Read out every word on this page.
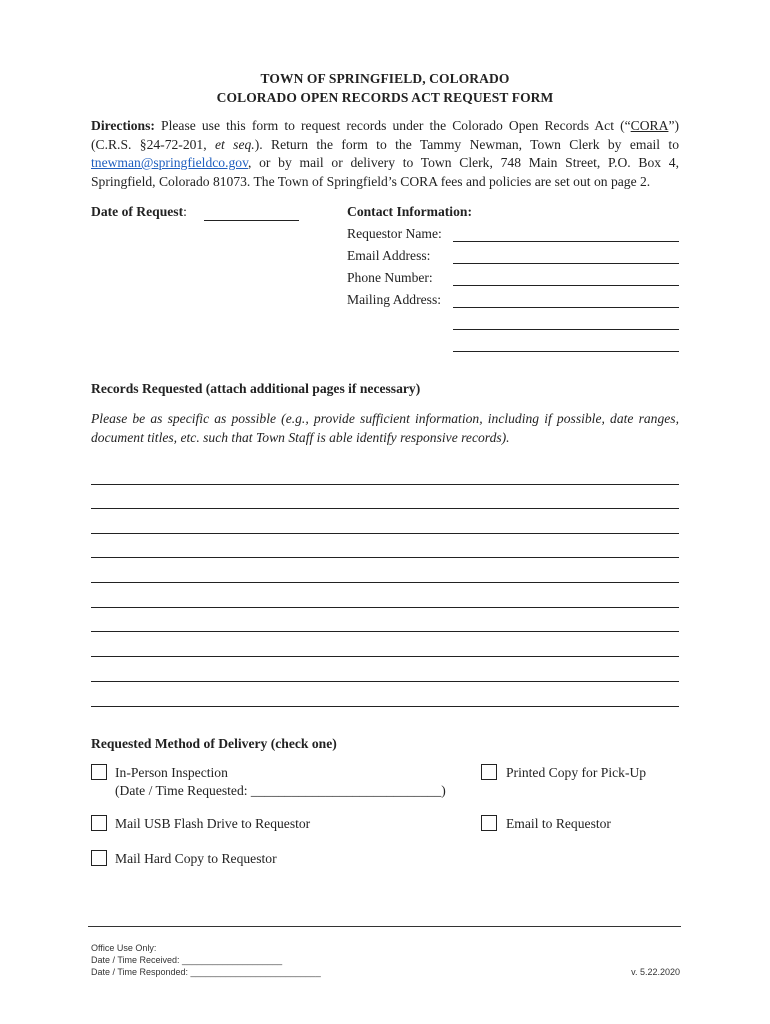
TOWN OF SPRINGFIELD, COLORADO
COLORADO OPEN RECORDS ACT REQUEST FORM
Directions: Please use this form to request records under the Colorado Open Records Act (“CORA”) (C.R.S. §24-72-201, et seq.). Return the form to the Tammy Newman, Town Clerk by email to tnewman@springfieldco.gov, or by mail or delivery to Town Clerk, 748 Main Street, P.O. Box 4, Springfield, Colorado 81073. The Town of Springfield’s CORA fees and policies are set out on page 2.
Date of Request:	Contact Information:
Requestor Name:
Email Address:
Phone Number:
Mailing Address:
Records Requested (attach additional pages if necessary)
Please be as specific as possible (e.g., provide sufficient information, including if possible, date ranges, document titles, etc. such that Town Staff is able identify responsive records).
Requested Method of Delivery (check one)
In-Person Inspection
(Date / Time Requested: ____________________________)
Printed Copy for Pick-Up
Mail USB Flash Drive to Requestor	Email to Requestor
Mail Hard Copy to Requestor
Office Use Only:
Date / Time Received: ____________________
Date / Time Responded: __________________________	v. 5.22.2020
